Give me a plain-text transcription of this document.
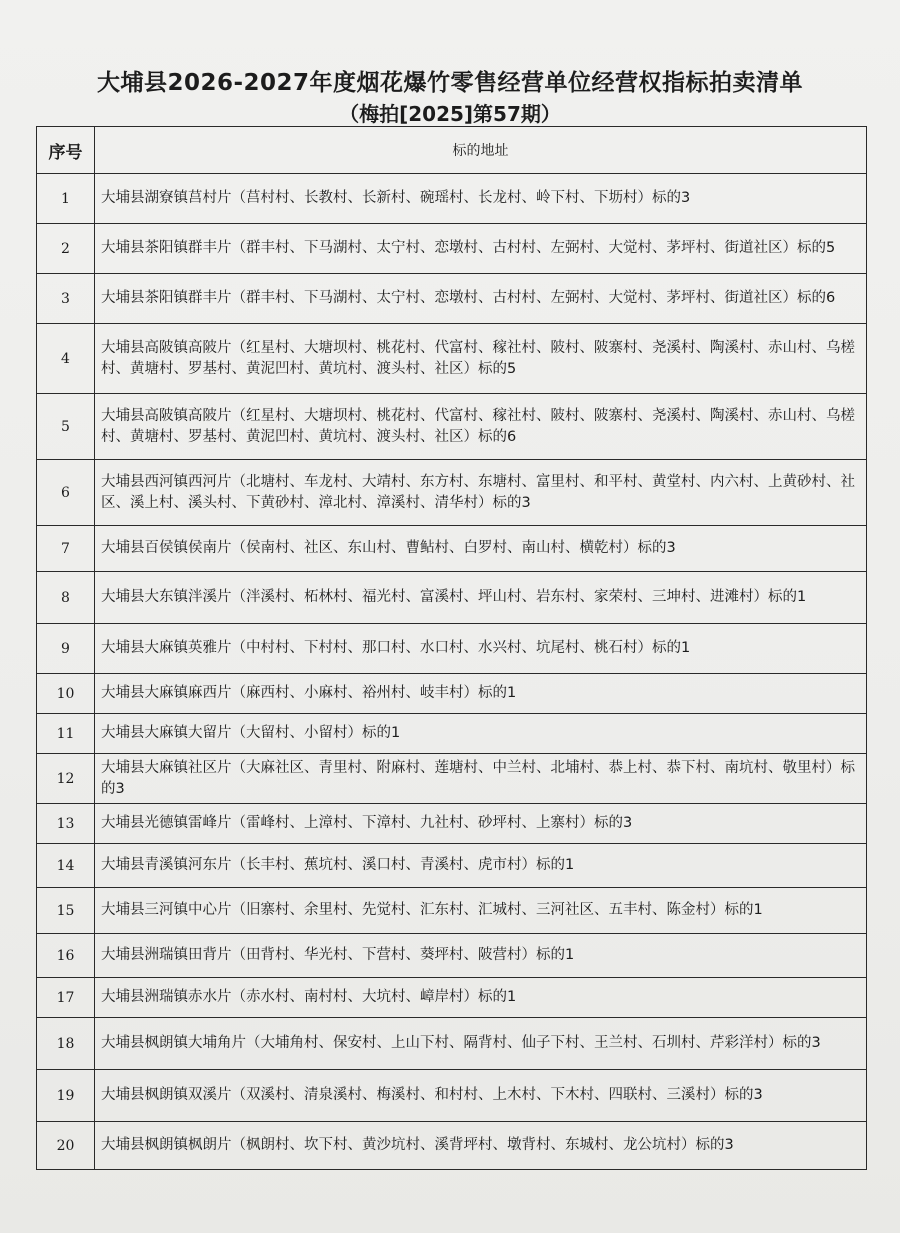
大埔县2026-2027年度烟花爆竹零售经营单位经营权指标拍卖清单
（梅拍[2025]第57期）
序号	标的地址
1	大埔县湖寮镇莒村片（莒村村、长教村、长新村、碗瑶村、长龙村、岭下村、下坜村）标的3
2	大埔县茶阳镇群丰片（群丰村、下马湖村、太宁村、恋墩村、古村村、左弼村、大觉村、茅坪村、街道社区）标的5
3	大埔县茶阳镇群丰片（群丰村、下马湖村、太宁村、恋墩村、古村村、左弼村、大觉村、茅坪村、街道社区）标的6
4	大埔县高陂镇高陂片（红星村、大塘坝村、桃花村、代富村、稼社村、陂村、陂寨村、尧溪村、陶溪村、赤山村、乌槎村、黄塘村、罗基村、黄泥凹村、黄坑村、渡头村、社区）标的5
5	大埔县高陂镇高陂片（红星村、大塘坝村、桃花村、代富村、稼社村、陂村、陂寨村、尧溪村、陶溪村、赤山村、乌槎村、黄塘村、罗基村、黄泥凹村、黄坑村、渡头村、社区）标的6
6	大埔县西河镇西河片（北塘村、车龙村、大靖村、东方村、东塘村、富里村、和平村、黄堂村、内六村、上黄砂村、社区、溪上村、溪头村、下黄砂村、漳北村、漳溪村、清华村）标的3
7	大埔县百侯镇侯南片（侯南村、社区、东山村、曹鲇村、白罗村、南山村、横乾村）标的3
8	大埔县大东镇泮溪片（泮溪村、柘林村、福光村、富溪村、坪山村、岩东村、家荣村、三坤村、进滩村）标的1
9	大埔县大麻镇英雅片（中村村、下村村、那口村、水口村、水兴村、坑尾村、桃石村）标的1
10	大埔县大麻镇麻西片（麻西村、小麻村、裕州村、岐丰村）标的1
11	大埔县大麻镇大留片（大留村、小留村）标的1
12	大埔县大麻镇社区片（大麻社区、青里村、附麻村、莲塘村、中兰村、北埔村、恭上村、恭下村、南坑村、敬里村）标的3
13	大埔县光德镇雷峰片（雷峰村、上漳村、下漳村、九社村、砂坪村、上寨村）标的3
14	大埔县青溪镇河东片（长丰村、蕉坑村、溪口村、青溪村、虎市村）标的1
15	大埔县三河镇中心片（旧寨村、余里村、先觉村、汇东村、汇城村、三河社区、五丰村、陈金村）标的1
16	大埔县洲瑞镇田背片（田背村、华光村、下营村、葵坪村、陂营村）标的1
17	大埔县洲瑞镇赤水片（赤水村、南村村、大坑村、嶂岸村）标的1
18	大埔县枫朗镇大埔角片（大埔角村、保安村、上山下村、隔背村、仙子下村、王兰村、石圳村、芹彩洋村）标的3
19	大埔县枫朗镇双溪片（双溪村、清泉溪村、梅溪村、和村村、上木村、下木村、四联村、三溪村）标的3
20	大埔县枫朗镇枫朗片（枫朗村、坎下村、黄沙坑村、溪背坪村、墩背村、东城村、龙公坑村）标的3
